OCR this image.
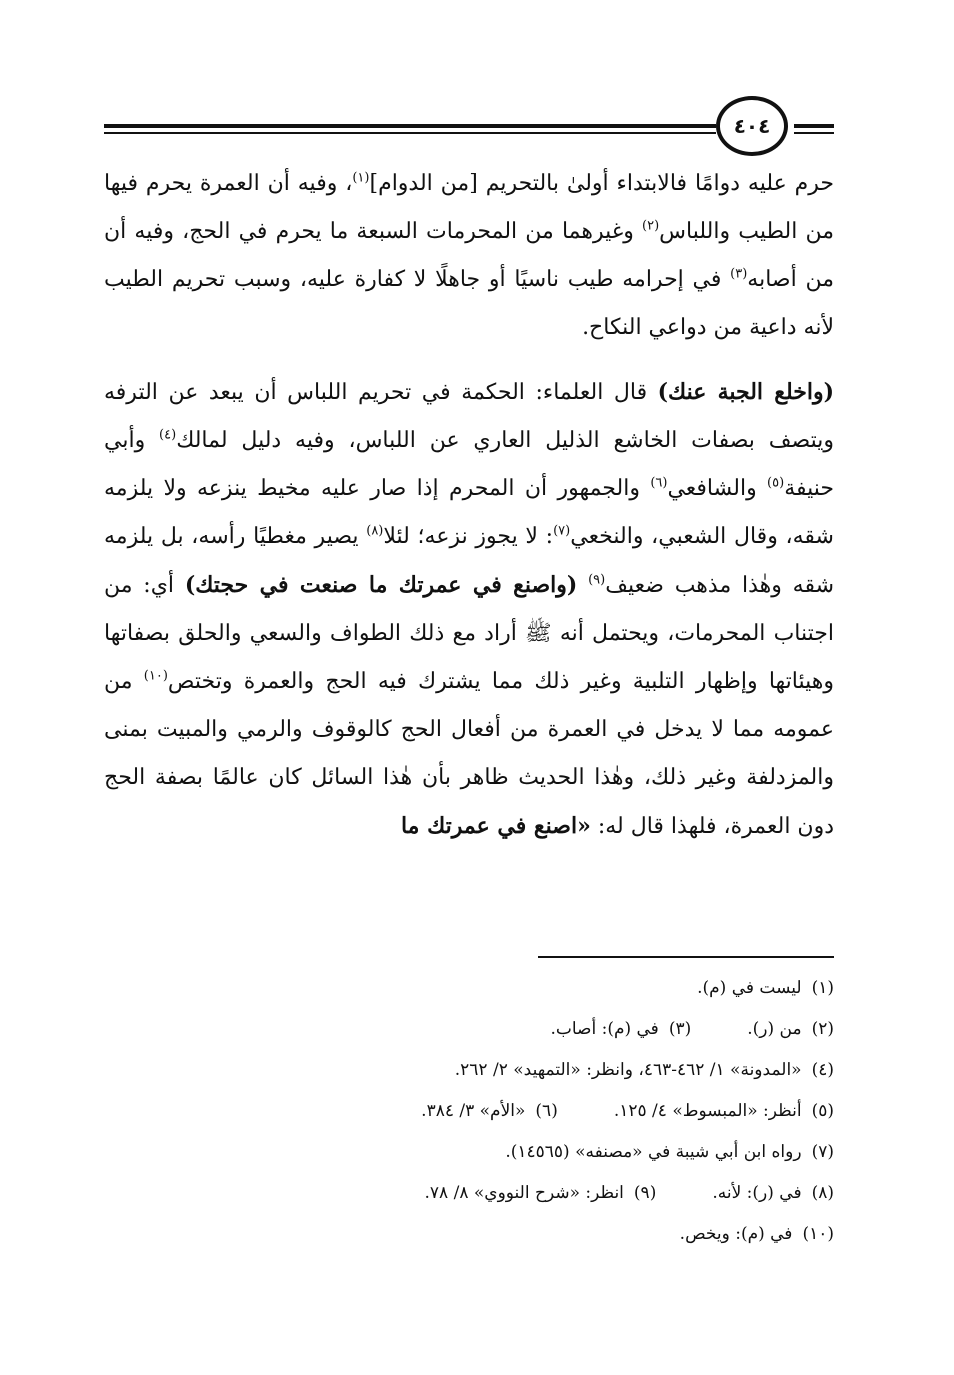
٤٠٤

حرم عليه دوامًا فالابتداء أولىٰ بالتحريم [من الدوام]$^{(١)}$، وفيه أن العمرة يحرم فيها من الطيب واللباس$^{(٢)}$ وغيرهما من المحرمات السبعة ما يحرم في الحج، وفيه أن من أصابه$^{(٣)}$ في إحرامه طيب ناسيًا أو جاهلًا لا كفارة عليه، وسبب تحريم الطيب لأنه داعية من دواعي النكاح.

(واخلع الجبة عنك) قال العلماء: الحكمة في تحريم اللباس أن يبعد عن الترفه ويتصف بصفات الخاشع الذليل العاري عن اللباس، وفيه دليل لمالك$^{(٤)}$ وأبي حنيفة$^{(٥)}$ والشافعي$^{(٦)}$ والجمهور أن المحرم إذا صار عليه مخيط ينزعه ولا يلزمه شقه، وقال الشعبي، والنخعي$^{(٧)}$: لا يجوز نزعه؛ لئلا$^{(٨)}$ يصير مغطيًا رأسه، بل يلزمه شقه وهٰذا مذهب ضعيف$^{(٩)}$ (واصنع في عمرتك ما صنعت في حجتك) أي: من اجتناب المحرمات، ويحتمل أنه ﷺ أراد مع ذلك الطواف والسعي والحلق بصفاتها وهيئاتها وإظهار التلبية وغير ذلك مما يشترك فيه الحج والعمرة وتختص$^{(١٠)}$ من عمومه مما لا يدخل في العمرة من أفعال الحج كالوقوف والرمي والمبيت بمنى والمزدلفة وغير ذلك، وهٰذا الحديث ظاهر بأن هٰذا السائل كان عالمًا بصفة الحج دون العمرة، فلهذا قال له: «اصنع في عمرتك ما

(١)ليست في (م).
(٢)من (ر).
(٣)في (م): أصاب.
(٤)«المدونة» ١/ ٤٦٢-٤٦٣، وانظر: «التمهيد» ٢/ ٢٦٢.
(٥)أنظر: «المبسوط» ٤/ ١٢٥.
(٦)«الأم» ٣/ ٣٨٤.
(٧)رواه ابن أبي شيبة في «مصنفه» (١٤٥٦٥).
(٨)في (ر): لأنه.
(٩)انظر: «شرح النووي» ٨/ ٧٨.
(١٠)في (م): ويخص.
